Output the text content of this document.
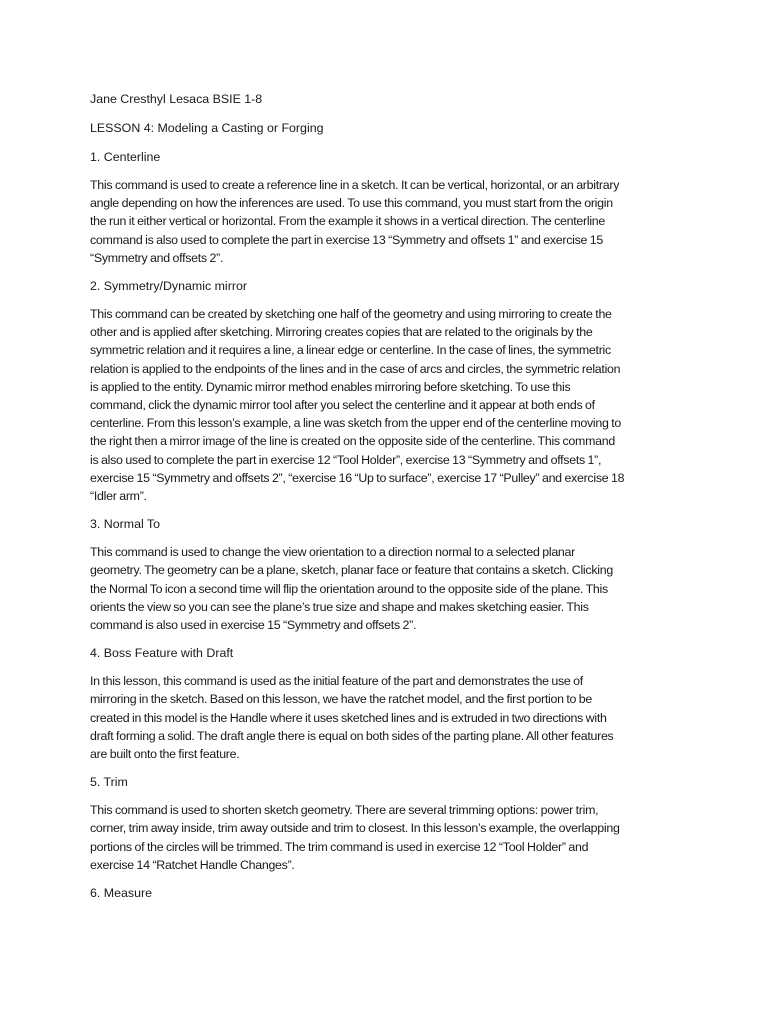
Jane Cresthyl Lesaca BSIE 1-8
LESSON 4: Modeling a Casting or Forging
1. Centerline
This command is used to create a reference line in a sketch. It can be vertical, horizontal, or an arbitrary
angle depending on how the inferences are used. To use this command, you must start from the origin
the run it either vertical or horizontal. From the example it shows in a vertical direction. The centerline
command is also used to complete the part in exercise 13 “Symmetry and offsets 1” and exercise 15
“Symmetry and offsets 2”.
2. Symmetry/Dynamic mirror
This command can be created by sketching one half of the geometry and using mirroring to create the
other and is applied after sketching. Mirroring creates copies that are related to the originals by the
symmetric relation and it requires a line, a linear edge or centerline. In the case of lines, the symmetric
relation is applied to the endpoints of the lines and in the case of arcs and circles, the symmetric relation
is applied to the entity. Dynamic mirror method enables mirroring before sketching. To use this
command, click the dynamic mirror tool after you select the centerline and it appear at both ends of
centerline. From this lesson’s example, a line was sketch from the upper end of the centerline moving to
the right then a mirror image of the line is created on the opposite side of the centerline. This command
is also used to complete the part in exercise 12 “Tool Holder”, exercise 13 “Symmetry and offsets 1”,
exercise 15 “Symmetry and offsets 2”, “exercise 16 “Up to surface”, exercise 17 “Pulley” and exercise 18
“Idler arm”.
3. Normal To
This command is used to change the view orientation to a direction normal to a selected planar
geometry. The geometry can be a plane, sketch, planar face or feature that contains a sketch. Clicking
the Normal To icon a second time will flip the orientation around to the opposite side of the plane. This
orients the view so you can see the plane’s true size and shape and makes sketching easier. This
command is also used in exercise 15 “Symmetry and offsets 2”.
4. Boss Feature with Draft
In this lesson, this command is used as the initial feature of the part and demonstrates the use of
mirroring in the sketch. Based on this lesson, we have the ratchet model, and the first portion to be
created in this model is the Handle where it uses sketched lines and is extruded in two directions with
draft forming a solid. The draft angle there is equal on both sides of the parting plane. All other features
are built onto the first feature.
5. Trim
This command is used to shorten sketch geometry. There are several trimming options: power trim,
corner, trim away inside, trim away outside and trim to closest. In this lesson’s example, the overlapping
portions of the circles will be trimmed. The trim command is used in exercise 12 “Tool Holder” and
exercise 14 “Ratchet Handle Changes”.
6. Measure
